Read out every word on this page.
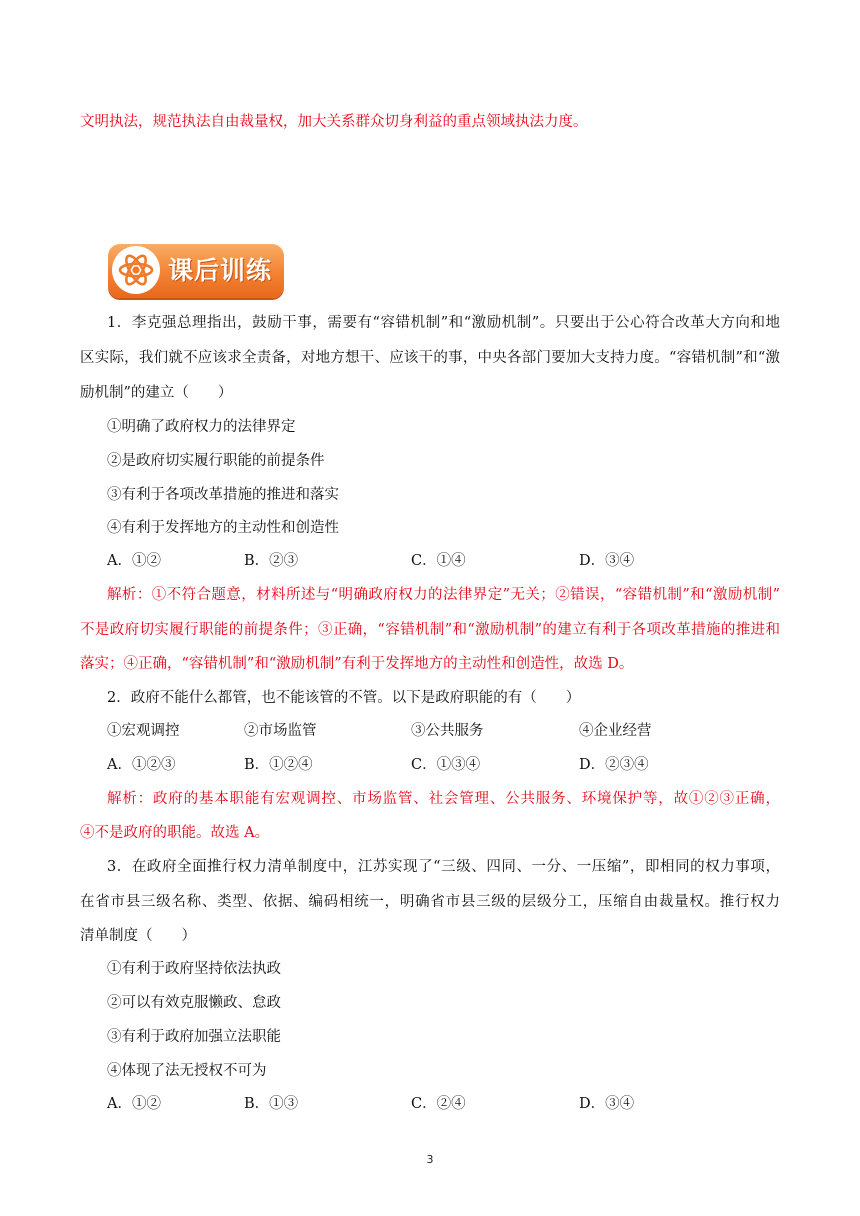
文明执法，规范执法自由裁量权，加大关系群众切身利益的重点领域执法力度。
课后训练
1．李克强总理指出，鼓励干事，需要有“容错机制”和“激励机制”。只要出于公心符合改革大方向和地
区实际，我们就不应该求全责备，对地方想干、应该干的事，中央各部门要加大支持力度。“容错机制”和“激
励机制”的建立（　　）
①明确了政府权力的法律界定
②是政府切实履行职能的前提条件
③有利于各项改革措施的推进和落实
④有利于发挥地方的主动性和创造性
A．①②	B．②③	C．①④	D．③④
解析：①不符合题意，材料所述与“明确政府权力的法律界定”无关；②错误，“容错机制”和“激励机制”
不是政府切实履行职能的前提条件；③正确，“容错机制”和“激励机制”的建立有利于各项改革措施的推进和
落实；④正确，“容错机制”和“激励机制”有利于发挥地方的主动性和创造性，故选 D。
2．政府不能什么都管，也不能该管的不管。以下是政府职能的有（　　）
①宏观调控	②市场监管	③公共服务	④企业经营
A．①②③	B．①②④	C．①③④	D．②③④
解析：政府的基本职能有宏观调控、市场监管、社会管理、公共服务、环境保护等，故①②③正确，
④不是政府的职能。故选 A。
3．在政府全面推行权力清单制度中，江苏实现了“三级、四同、一分、一压缩”，即相同的权力事项，
在省市县三级名称、类型、依据、编码相统一，明确省市县三级的层级分工，压缩自由裁量权。推行权力
清单制度（　　）
①有利于政府坚持依法执政
②可以有效克服懒政、怠政
③有利于政府加强立法职能
④体现了法无授权不可为
A．①②	B．①③	C．②④	D．③④
3
